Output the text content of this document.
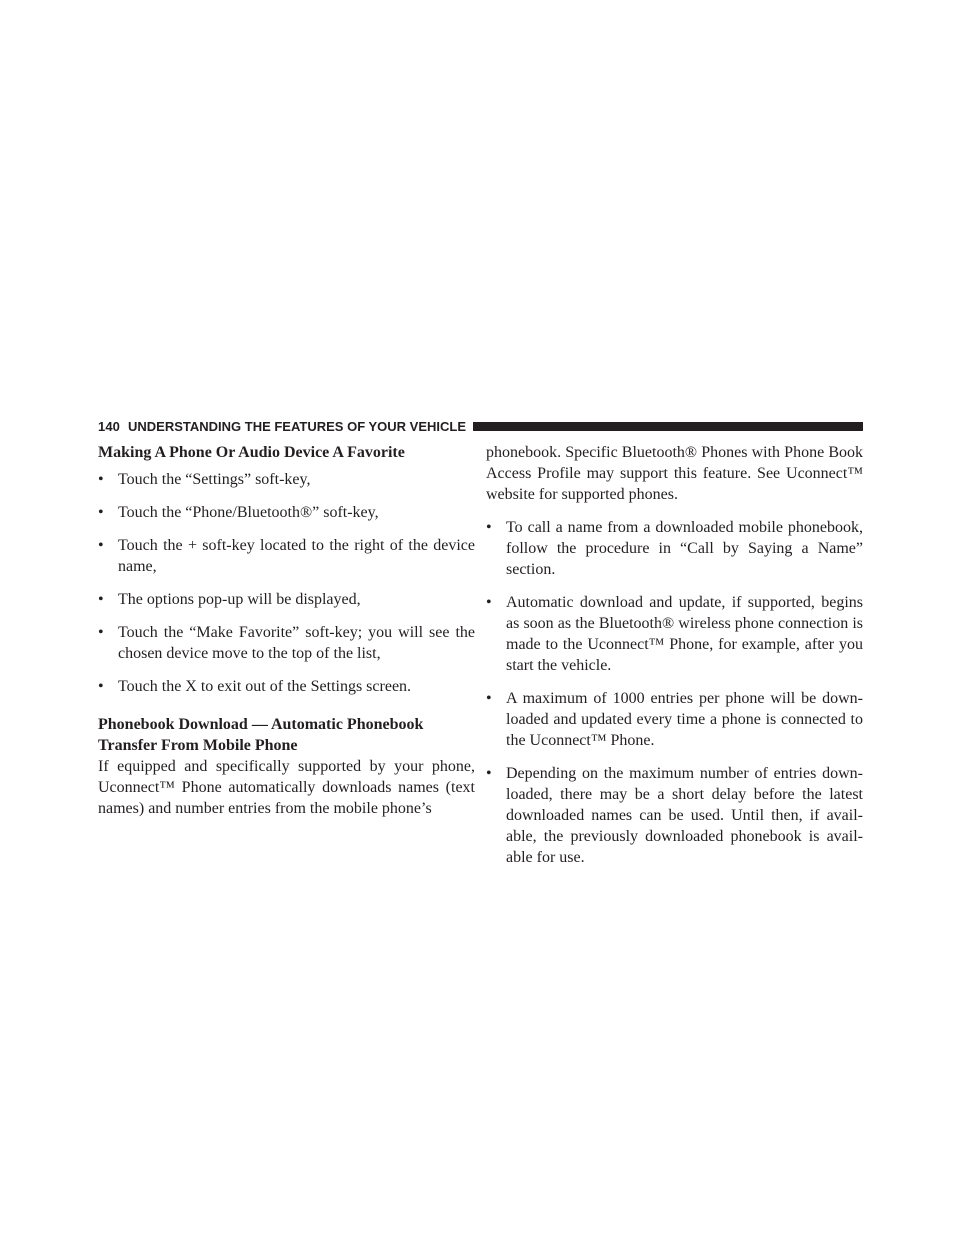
140 UNDERSTANDING THE FEATURES OF YOUR VEHICLE
Making A Phone Or Audio Device A Favorite
• Touch the “Settings” soft-key,
• Touch the “Phone/Bluetooth®” soft-key,
• Touch the + soft-key located to the right of the device name,
• The options pop-up will be displayed,
• Touch the “Make Favorite” soft-key; you will see the chosen device move to the top of the list,
• Touch the X to exit out of the Settings screen.
Phonebook Download — Automatic Phonebook Transfer From Mobile Phone

If equipped and specifically supported by your phone, Uconnect™ Phone automatically downloads names (text names) and number entries from the mobile phone’s

phonebook. Specific Bluetooth® Phones with Phone Book Access Profile may support this feature. See Uconnect™ website for supported phones.

• To call a name from a downloaded mobile phonebook, follow the procedure in “Call by Saying a Name” section.
• Automatic download and update, if supported, begins as soon as the Bluetooth® wireless phone connection is made to the Uconnect™ Phone, for example, after you start the vehicle.
• A maximum of 1000 entries per phone will be down-loaded and updated every time a phone is connected to the Uconnect™ Phone.
• Depending on the maximum number of entries down-loaded, there may be a short delay before the latest downloaded names can be used. Until then, if avail-able, the previously downloaded phonebook is avail-able for use.
